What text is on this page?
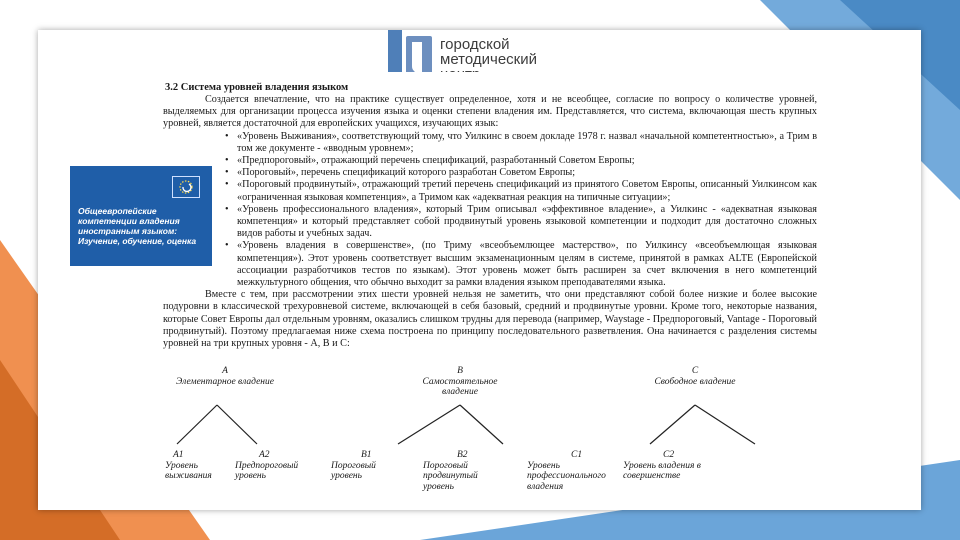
городской
методический
3.2 Система уровней владения языком

Создается впечатление, что на практике существует определенное, хотя и не всеобщее, согласие по вопросу о количестве уровней, выделяемых для организации процесса изучения языка и оценки степени владения им. Представляется, что система, включающая шесть крупных уровней, является достаточной для европейских учащихся, изучающих язык:

• «Уровень Выживания», соответствующий тому, что Уилкинс в своем докладе 1978 г. назвал «начальной компетентностью», а Трим в том же документе - «вводным уровнем»;
• «Предпороговый», отражающий перечень спецификаций, разработанный Советом Европы;
• «Пороговый», перечень спецификаций которого разработан Советом Европы;
• «Пороговый продвинутый», отражающий третий перечень спецификаций из принятого Советом Европы, описанный Уилкинсом как «ограниченная языковая компетенция», а Тримом как «адекватная реакция на типичные ситуации»;
• «Уровень профессионального владения», который Трим описывал «эффективное владение», а Уилкинс - «адекватная языковая компетенция» и который представляет собой продвинутый уровень языковой компетенции и подходит для достаточно сложных видов работы и учебных задач.
• «Уровень владения в совершенстве», (по Триму «всеобъемлющее мастерство», по Уилкинсу «всеобъемлющая языковая компетенция»). Этот уровень соответствует высшим экзаменационным целям в системе, принятой в рамках ALTE (Европейской ассоциации разработчиков тестов по языкам). Этот уровень может быть расширен за счет включения в него компетенций межкультурного общения, что обычно выходит за рамки владения языком преподавателями языка.

Вместе с тем, при рассмотрении этих шести уровней нельзя не заметить, что они представляют собой более низкие и более высокие подуровни в классической трехуровневой системе, включающей в себя базовый, средний и продвинутые уровни. Кроме того, некоторые названия, которые Совет Европы дал отдельным уровням, оказались слишком трудны для перевода (например, Waystage - Предпороговый, Vantage - Пороговый продвинутый). Поэтому предлагаемая ниже схема построена по принципу последовательного разветвления. Она начинается с разделения системы уровней на три крупных уровня - А, В и С:

А
Элементарное владение
В
Самостоятельное владение
С
Свободное владение
А1
Уровень выживания
А2
Предпороговый уровень
В1
Пороговый уровень
В2
Пороговый продвинутый уровень
С1
Уровень профессионального владения
С2
Уровень владения в совершенстве
Общеевропейские компетенции владения иностранным языком: Изучение, обучение, оценка
